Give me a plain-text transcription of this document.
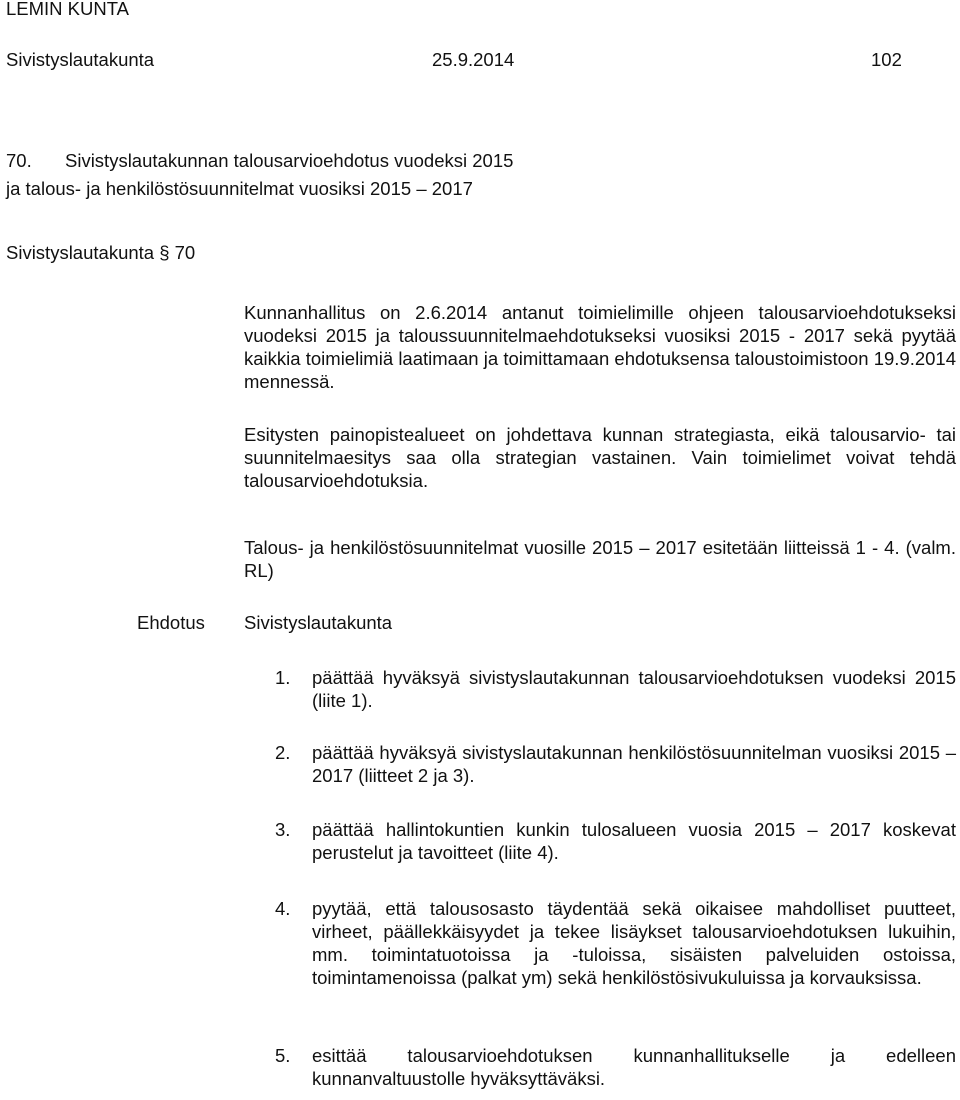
LEMIN KUNTA
Sivistyslautakunta	25.9.2014	102
70. Sivistyslautakunnan talousarvioehdotus vuodeksi 2015
ja talous- ja henkilöstösuunnitelmat vuosiksi 2015 – 2017
Sivistyslautakunta § 70
Kunnanhallitus on 2.6.2014 antanut toimielimille ohjeen talousarvioehdotukseksi vuodeksi 2015 ja taloussuunnitelmaehdotukseksi vuosiksi 2015 - 2017 sekä pyytää kaikkia toimielimiä laatimaan ja toimittamaan ehdotuksensa taloustoimistoon 19.9.2014 mennessä.
Esitysten painopistealueet on johdettava kunnan strategiasta, eikä talousarvio- tai suunnitelmaesitys saa olla strategian vastainen. Vain toimielimet voivat tehdä talousarvioehdotuksia.
Talous- ja henkilöstösuunnitelmat vuosille 2015 – 2017 esitetään liitteissä 1 - 4. (valm. RL)
Ehdotus Sivistyslautakunta
1. päättää hyväksyä sivistyslautakunnan talousarvioehdotuksen vuodeksi 2015 (liite 1).
2. päättää hyväksyä sivistyslautakunnan henkilöstösuunnitelman vuosiksi 2015 – 2017 (liitteet 2 ja 3).
3. päättää hallintokuntien kunkin tulosalueen vuosia 2015 – 2017 koskevat perustelut ja tavoitteet (liite 4).
4. pyytää, että talousosasto täydentää sekä oikaisee mahdolliset puutteet, virheet, päällekkäisyydet ja tekee lisäykset talousarvioehdotuksen lukuihin, mm. toimintatuotoissa ja -tuloissa, sisäisten palveluiden ostoissa, toimintamenoissa (palkat ym) sekä henkilöstösivukuluissa ja korvauksissa.
5. esittää talousarvioehdotuksen kunnanhallitukselle ja edelleen kunnanvaltuustolle hyväksyttäväksi.
